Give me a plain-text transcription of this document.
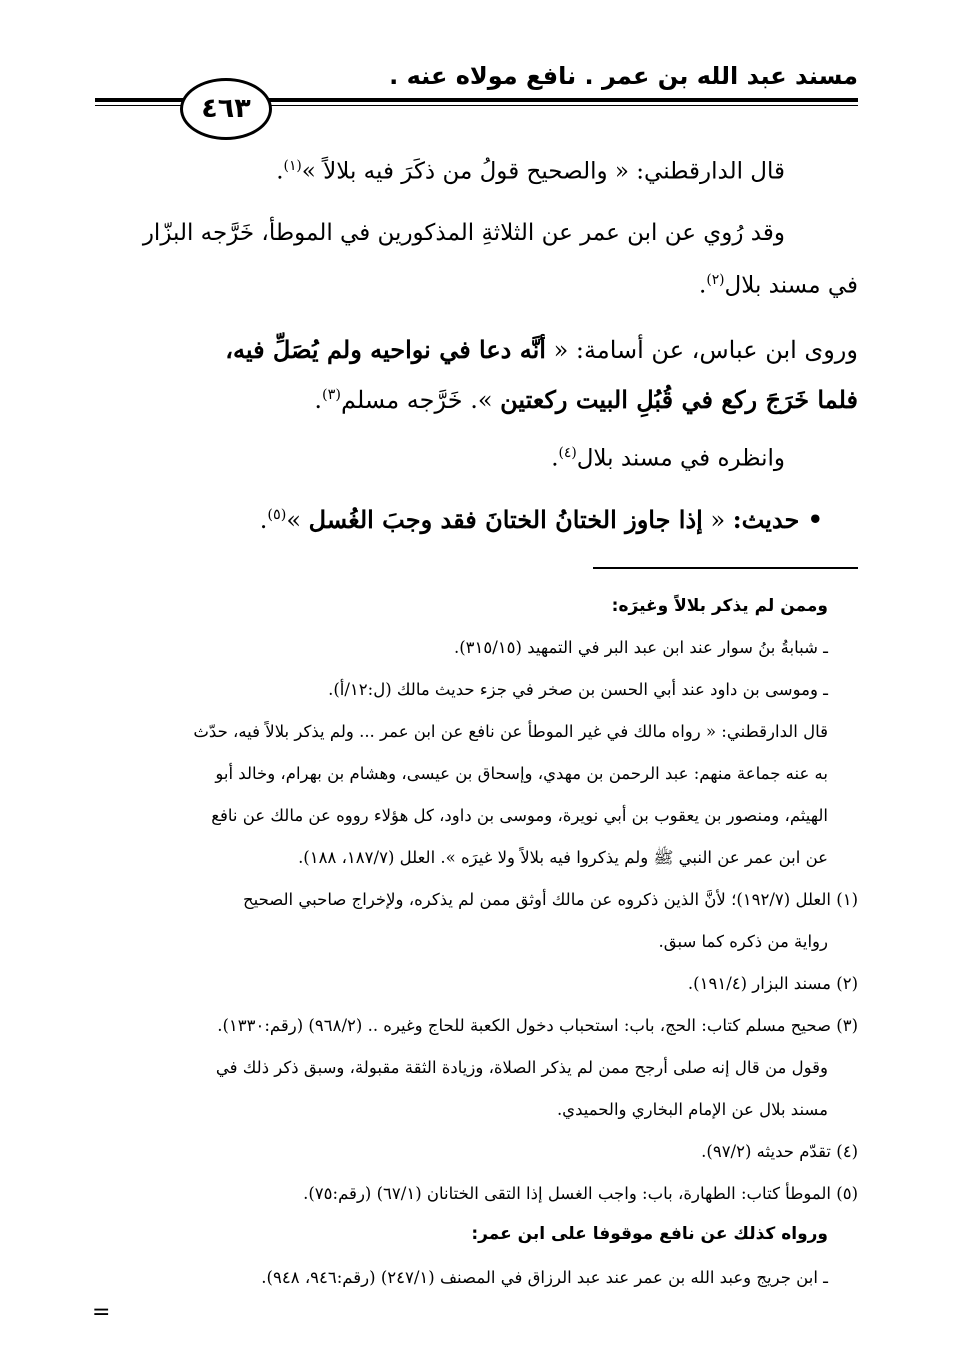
مسند عبد الله بن عمر . نافع مولاه عنه .
٤٦٣
قال الدارقطني: « والصحيح قولُ من ذكَرَ فيه بلالاً »$^{(١)}$.
وقد رُوي عن ابن عمر عن الثلاثةِ المذكورين في الموطأ، خَرَّجه البزّار
في مسند بلال$^{(٢)}$.
وروى ابن عباس، عن أسامة: « أنَّه دعا في نواحيه ولم يُصَلِّ فيه،
فلما خَرَجَ ركع في قُبُلِ البيت ركعتين ». خَرَّجه مسلم$^{(٣)}$.
وانظره في مسند بلال$^{(٤)}$.
• حديث: « إذا جاوز الختانُ الختانَ فقد وجبَ الغُسل »$^{(٥)}$.
وممن لم يذكر بلالاً وغيرَه:
ـ شبابةُ بنُ سوار عند ابن عبد البر في التمهيد (٣١٥/١٥).
ـ وموسى بن داود عند أبي الحسن بن صخر في جزء حديث مالك (ل:١٢/أ).
قال الدارقطني: « رواه مالك في غير الموطأ عن نافع عن ابن عمر ... ولم يذكر بلالاً فيه، حدّث
به عنه جماعة منهم: عبد الرحمن بن مهدي، وإسحاق بن عيسى، وهشام بن بهرام، وخالد أبو
الهيثم، ومنصور بن يعقوب بن أبي نويرة، وموسى بن داود، كل هؤلاء رووه عن مالك عن نافع
عن ابن عمر عن النبي ﷺ ولم يذكروا فيه بلالاً ولا غيرَه ». العلل (١٨٧/٧، ١٨٨).
(١) العلل (١٩٢/٧)؛ لأنَّ الذين ذكروه عن مالك أوثق ممن لم يذكره، ولإخراج صاحبي الصحيح
رواية من ذكره كما سبق.
(٢) مسند البزار (١٩١/٤).
(٣) صحيح مسلم كتاب: الحج، باب: استحباب دخول الكعبة للحاج وغيره .. (٩٦٨/٢) (رقم:١٣٣٠).
وقول من قال إنه صلى أرجح ممن لم يذكر الصلاة، وزيادة الثقة مقبولة، وسبق ذكر ذلك في
مسند بلال عن الإمام البخاري والحميدي.
(٤) تقدّم حديثه (٩٧/٢).
(٥) الموطأ كتاب: الطهارة، باب: واجب الغسل إذا التقى الختانان (٦٧/١) (رقم:٧٥).
ورواه كذلك عن نافع موقوفا على ابن عمر:
ـ ابن جريج وعبد الله بن عمر عند عبد الرزاق في المصنف (٢٤٧/١) (رقم:٩٤٦، ٩٤٨).
=
